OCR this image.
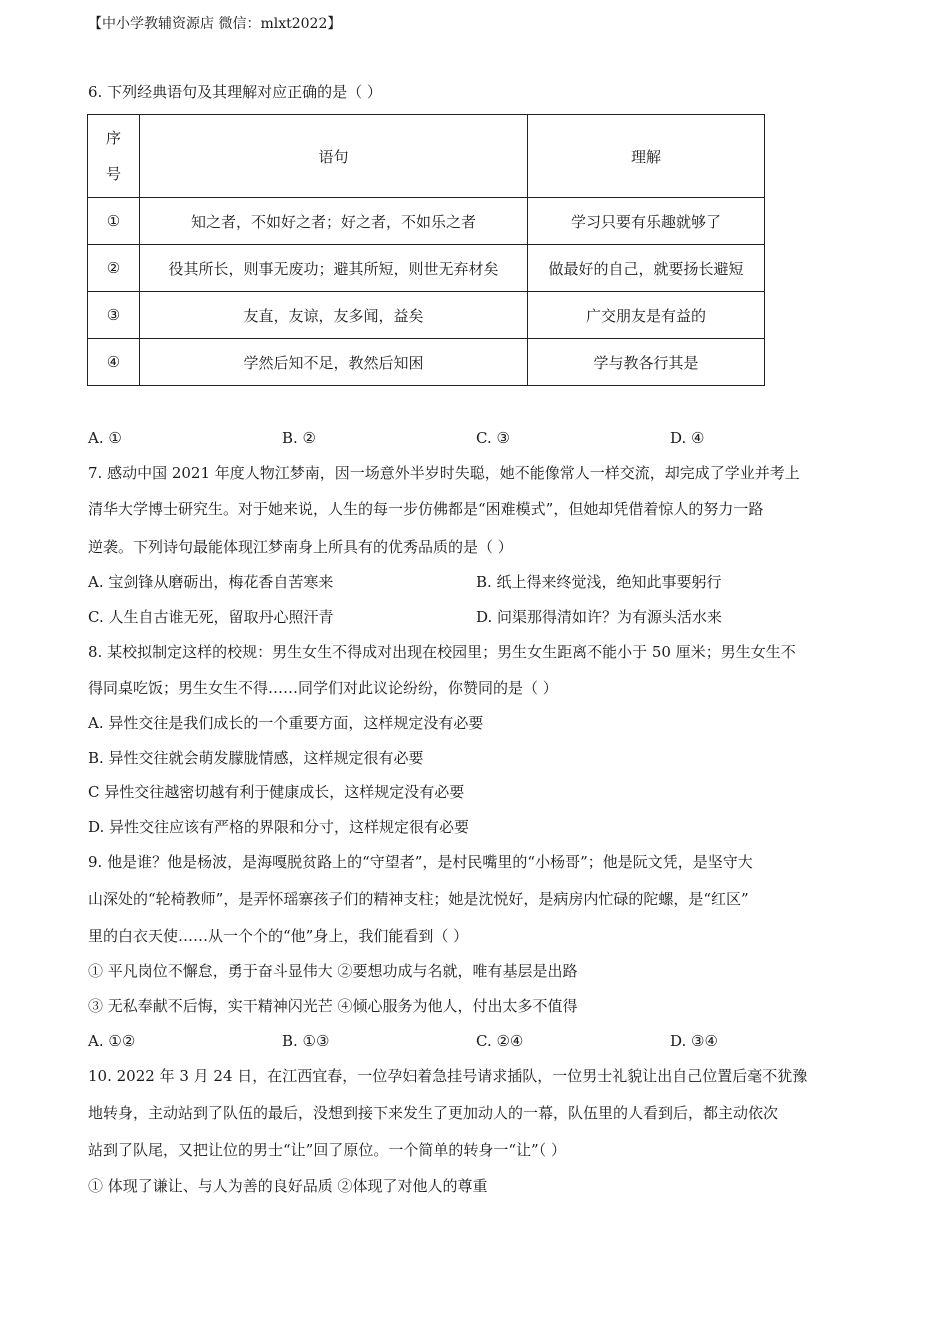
【中小学教辅资源店 微信：mlxt2022】
6. 下列经典语句及其理解对应正确的是（ ）
序
号	语句	理解
①	知之者，不如好之者；好之者，不如乐之者	学习只要有乐趣就够了
②	役其所长，则事无废功；避其所短，则世无弃材矣	做最好的自己，就要扬长避短
③	友直，友谅，友多闻，益矣	广交朋友是有益的
④	学然后知不足，教然后知困	学与教各行其是
A. ①	B. ②	C. ③	D. ④
7. 感动中国 2021 年度人物江梦南，因一场意外半岁时失聪，她不能像常人一样交流，却完成了学业并考上
清华大学博士研究生。对于她来说，人生的每一步仿佛都是“困难模式”，但她却凭借着惊人的努力一路
逆袭。下列诗句最能体现江梦南身上所具有的优秀品质的是（ ）
A. 宝剑锋从磨砺出，梅花香自苦寒来	B. 纸上得来终觉浅，绝知此事要躬行
C. 人生自古谁无死，留取丹心照汗青	D. 问渠那得清如许？为有源头活水来
8. 某校拟制定这样的校规：男生女生不得成对出现在校园里；男生女生距离不能小于 50 厘米；男生女生不
得同桌吃饭；男生女生不得……同学们对此议论纷纷，你赞同的是（ ）
A. 异性交往是我们成长的一个重要方面，这样规定没有必要
B. 异性交往就会萌发朦胧情感，这样规定很有必要
C 异性交往越密切越有利于健康成长，这样规定没有必要
D. 异性交往应该有严格的界限和分寸，这样规定很有必要
9. 他是谁？他是杨波，是海嘎脱贫路上的“守望者”，是村民嘴里的“小杨哥”；他是阮文凭，是坚守大
山深处的“轮椅教师”，是弄怀瑶寨孩子们的精神支柱；她是沈悦好，是病房内忙碌的陀螺，是“红区”
里的白衣天使……从一个个的“他”身上，我们能看到（ ）
① 平凡岗位不懈怠，勇于奋斗显伟大 ②要想功成与名就，唯有基层是出路
③ 无私奉献不后悔，实干精神闪光芒 ④倾心服务为他人，付出太多不值得
A. ①②	B. ①③	C. ②④	D. ③④
10. 2022 年 3 月 24 日，在江西宜春，一位孕妇着急挂号请求插队，一位男士礼貌让出自己位置后毫不犹豫
地转身，主动站到了队伍的最后，没想到接下来发生了更加动人的一幕，队伍里的人看到后，都主动依次
站到了队尾，又把让位的男士“让”回了原位。一个简单的转身一“让”（ ）
① 体现了谦让、与人为善的良好品质 ②体现了对他人的尊重
